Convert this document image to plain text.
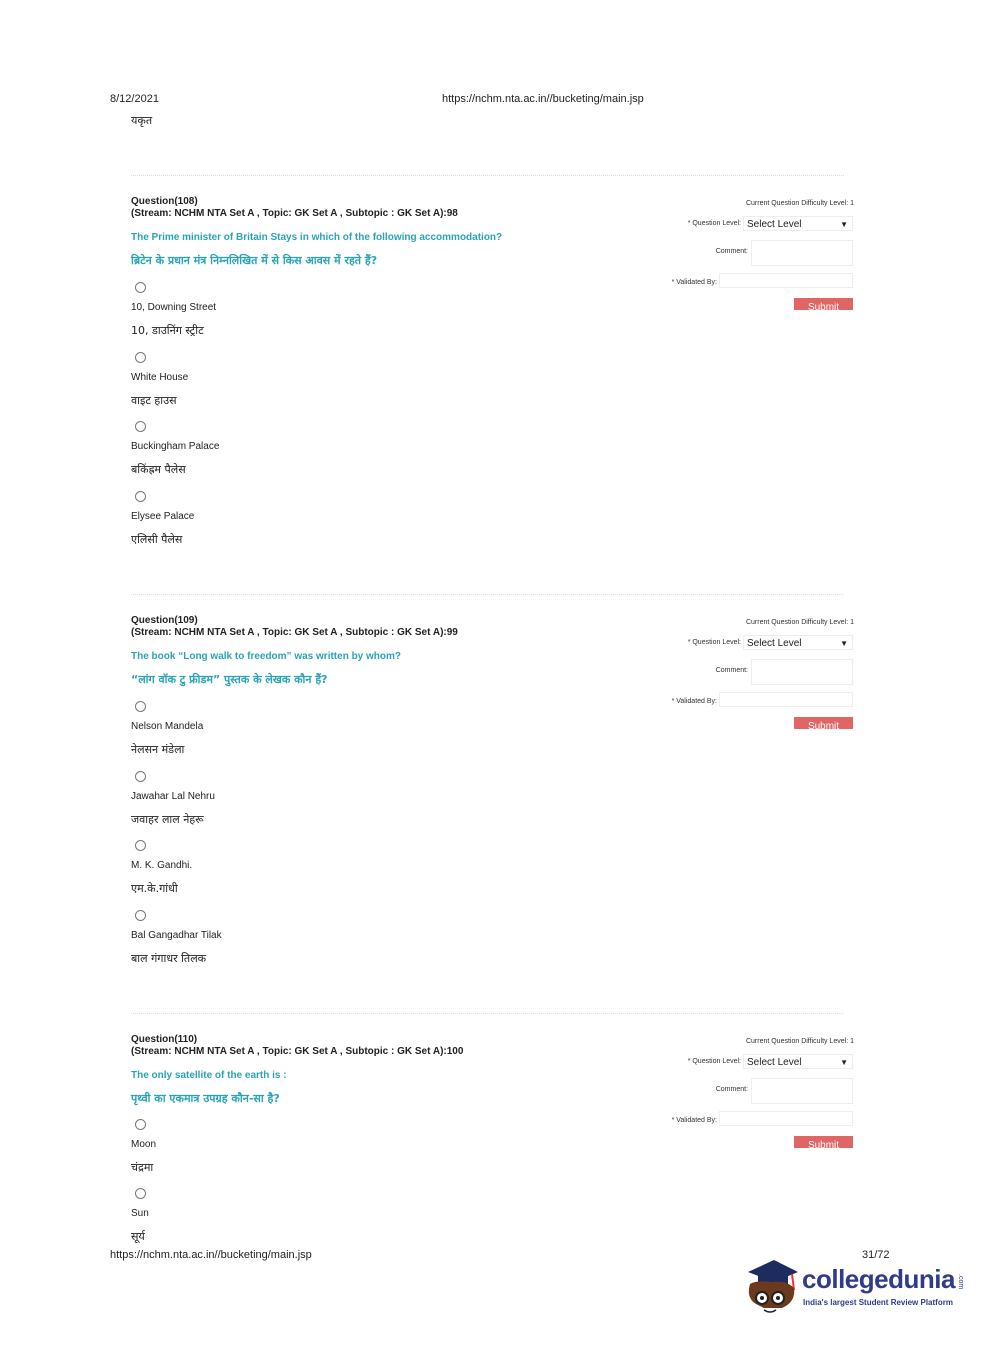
8/12/2021	https://nchm.nta.ac.in//bucketing/main.jsp
यकृत
Question(108)
(Stream: NCHM NTA Set A , Topic: GK Set A , Subtopic : GK Set A):98
The Prime minister of Britain Stays in which of the following accommodation?
ब्रिटेन के प्रधान मंत्र निम्नलिखित में से किस आवस में रहते हैं?
10, Downing Street
10, डाउनिंग स्ट्रीट
White House
वाइट हाउस
Buckingham Palace
बकिंह्रम पैलेस
Elysee Palace
एलिसी पैलेस
Current Question Difficulty Level: 1
* Question Level: Select Level	▼
Comment:
* Validated By:
Submit
Question(109)
(Stream: NCHM NTA Set A , Topic: GK Set A , Subtopic : GK Set A):99
The book “Long walk to freedom” was written by whom?
“लांग वॉक टु फ्रीडम” पुस्तक के लेखक कौन हैं?
Nelson Mandela
नेलसन मंडेला
Jawahar Lal Nehru
जवाहर लाल नेहरू
M. K. Gandhi.
एम.के.गांधी
Bal Gangadhar Tilak
बाल गंगाधर तिलक
Current Question Difficulty Level: 1
* Question Level: Select Level	▼
Comment:
* Validated By:
Submit
Question(110)
(Stream: NCHM NTA Set A , Topic: GK Set A , Subtopic : GK Set A):100
The only satellite of the earth is :
पृथ्वी का एकमात्र उपग्रह कौन-सा है?
Moon
चंद्रमा
Sun
सूर्य
Current Question Difficulty Level: 1
* Question Level: Select Level	▼
Comment:
* Validated By:
Submit
https://nchm.nta.ac.in//bucketing/main.jsp	31/72
collegedunia .com
India's largest Student Review Platform
